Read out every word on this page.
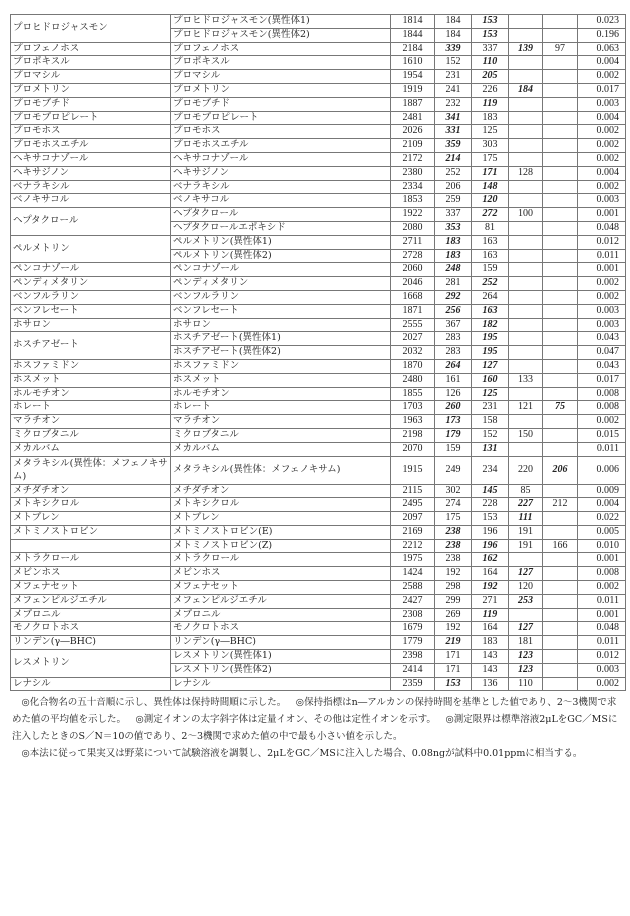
プロヒドロジャスモン	プロヒドロジャスモン(異性体1)	1814	184	153			0.023
	プロヒドロジャスモン(異性体2)	1844	184	153			0.196
プロフェノホス	プロフェノホス	2184	339	337	139	97	0.063
プロポキスル	プロポキスル	1610	152	110			0.004
プロマシル	プロマシル	1954	231	205			0.002
プロメトリン	プロメトリン	1919	241	226	184		0.017
プロモブチド	プロモブチド	1887	232	119			0.003
プロモプロピレート	プロモプロピレート	2481	341	183			0.004
プロモホス	プロモホス	2026	331	125			0.002
プロモホスエチル	プロモホスエチル	2109	359	303			0.002
ヘキサコナゾール	ヘキサコナゾール	2172	214	175			0.002
ヘキサジノン	ヘキサジノン	2380	252	171	128		0.004
ベナラキシル	ベナラキシル	2334	206	148			0.002
ベノキサコル	ベノキサコル	1853	259	120			0.003
ヘプタクロール	ヘプタクロール	1922	337	272	100		0.001
	ヘプタクロールエポキシド	2080	353	81			0.048
ペルメトリン	ペルメトリン(異性体1)	2711	183	163			0.012
	ペルメトリン(異性体2)	2728	183	163			0.011
ペンコナゾール	ペンコナゾール	2060	248	159			0.001
ペンディメタリン	ペンディメタリン	2046	281	252			0.002
ベンフルラリン	ベンフルラリン	1668	292	264			0.002
ベンフレセート	ベンフレセート	1871	256	163			0.003
ホサロン	ホサロン	2555	367	182			0.003
ホスチアゼート	ホスチアゼート(異性体1)	2027	283	195			0.043
	ホスチアゼート(異性体2)	2032	283	195			0.047
ホスファミドン	ホスファミドン	1870	264	127			0.043
ホスメット	ホスメット	2480	161	160	133		0.017
ホルモチオン	ホルモチオン	1855	126	125			0.008
ホレート	ホレート	1703	260	231	121	75	0.008
マラチオン	マラチオン	1963	173	158			0.002
ミクロブタニル	ミクロブタニル	2198	179	152	150		0.015
メカルバム	メカルバム	2070	159	131			0.011
メタラキシル(異性体：メフェノキサム)	メタラキシル(異性体：メフェノキサム)	1915	249	234	220	206	0.006
メチダチオン	メチダチオン	2115	302	145	85		0.009
メトキシクロル	メトキシクロル	2495	274	228	227	212	0.004
メトプレン	メトプレン	2097	175	153	111		0.022
メトミノストロビン	メトミノストロビン(E)	2169	238	196	191		0.005
	メトミノストロビン(Z)	2212	238	196	191	166	0.010
メトラクロール	メトラクロール	1975	238	162			0.001
メビンホス	メビンホス	1424	192	164	127		0.008
メフェナセット	メフェナセット	2588	298	192	120		0.002
メフェンピルジエチル	メフェンピルジエチル	2427	299	271	253		0.011
メプロニル	メプロニル	2308	269	119			0.001
モノクロトホス	モノクロトホス	1679	192	164	127		0.048
リンデン(γ―BHC)	リンデン(γ―BHC)	1779	219	183	181		0.011
レスメトリン	レスメトリン(異性体1)	2398	171	143	123		0.012
	レスメトリン(異性体2)	2414	171	143	123		0.003
レナシル	レナシル	2359	153	136	110		0.002

◎化合物名の五十音順に示し、異性体は保持時間順に示した。 ◎保持指標はn―アルカンの保持時間を基準とした値であり、2～3機関で求めた値の平均値を示した。 ◎測定イオンの太字斜字体は定量イオン、その他は定性イオンを示す。 ◎測定限界は標準溶液2μLをGC／MSに注入したときのS／N＝10の値であり、2～3機関で求めた値の中で最も小さい値を示した。

◎本法に従って果実又は野菜について試験溶液を調製し、2μLをGC／MSに注入した場合、0.08ngが試料中0.01ppmに相当する。
